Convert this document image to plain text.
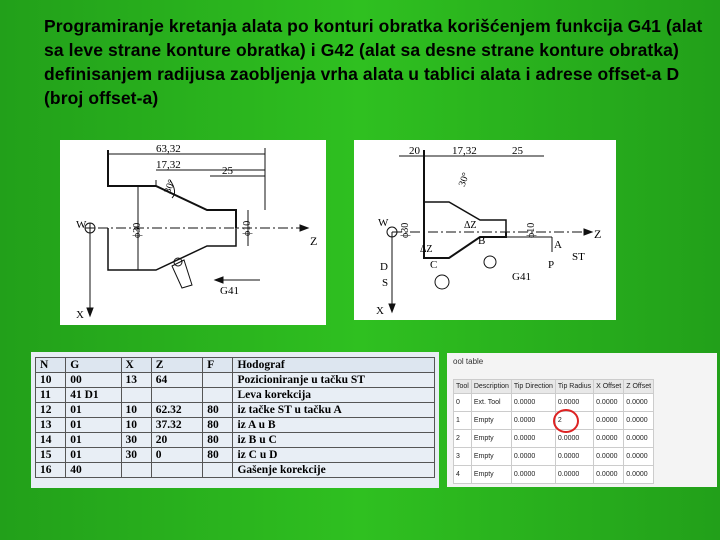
Programiranje kretanja alata po konturi obratka korišćenjem funkcija G41 (alat sa leve strane konture obratka) i G42 (alat sa desne strane konture obratka) definisanjem radijusa zaobljenja vrha alata u tablici alata i adrese offset-a D (broj offset-a)
63,32
17,32	25
30°
W
X
Z
ϕ30	ϕ10
G41
20	17,32	25
30°
W
X
Z
ϕ30	ϕ10
ΔZ
ΔZ	A
B
C
D	P
S
ST
G41
N	G	X	Z	F	Hodograf
10	00	13	64		Pozicioniranje u tačku ST
11	41 D1				Leva korekcija
12	01	10	62.32	80	iz tačke ST u tačku A
13	01	10	37.32	80	iz A u B
14	01	30	20	80	iz B u C
15	01	30	0	80	iz C u D
16	40				Gašenje korekcije
ool table
Tool	Description	Tip Direction	Tip Radius	X Offset	Z Offset
0	Ext. Tool	0.0000	0.0000	0.0000	0.0000
1	Empty	0.0000	2	0.0000	0.0000
2	Empty	0.0000	0.0000	0.0000	0.0000
3	Empty	0.0000	0.0000	0.0000	0.0000
4	Empty	0.0000	0.0000	0.0000	0.0000
